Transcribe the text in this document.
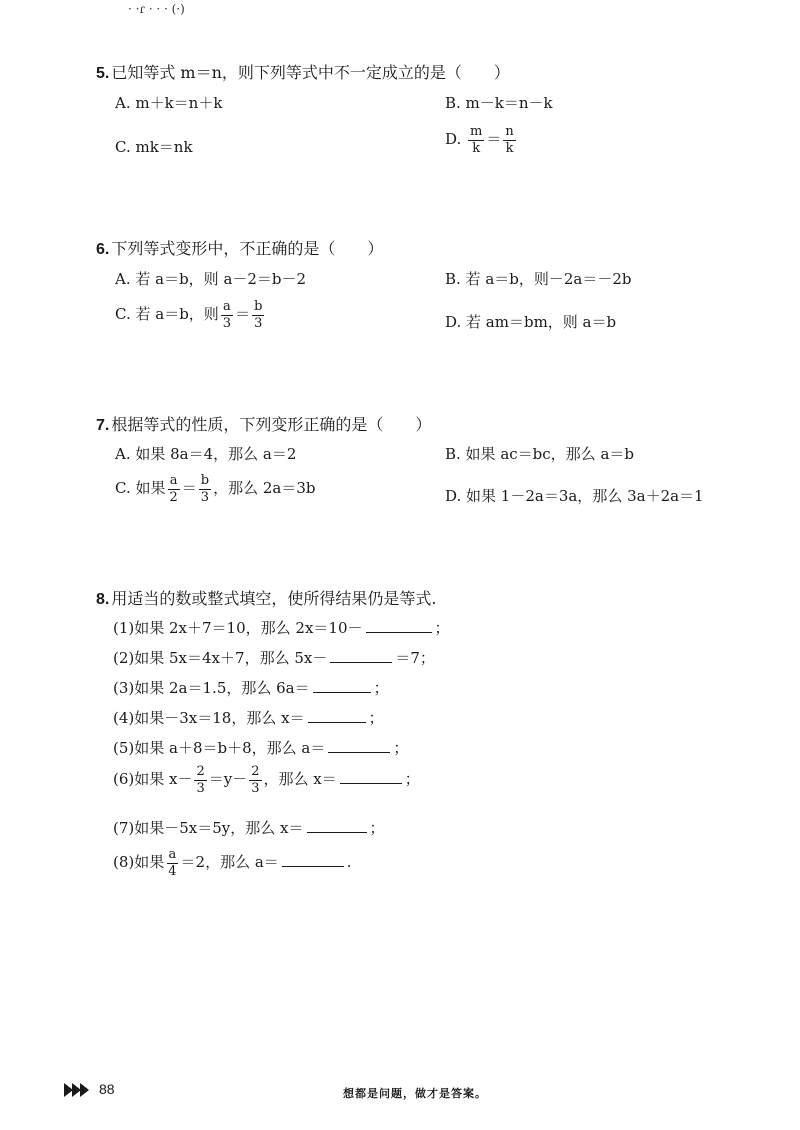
· ·ɾ · · · (·)
5. 已知等式 m＝n，则下列等式中不一定成立的是（　　）
A. m＋k＝n＋k	B. m－k＝n－k
C. mk＝nk	D. $\frac{m}{k} = \frac{n}{k}$
6. 下列等式变形中，不正确的是（　　）
A. 若 a＝b，则 a－2＝b－2	B. 若 a＝b，则－2a＝－2b
C. 若 a＝b，则 $\frac{a}{3} = \frac{b}{3}$	D. 若 am＝bm，则 a＝b
7. 根据等式的性质，下列变形正确的是（　　）
A. 如果 8a＝4，那么 a＝2	B. 如果 ac＝bc，那么 a＝b
C. 如果 $\frac{a}{2} = \frac{b}{3}$ ，那么 2a＝3b	D. 如果 1－2a＝3a，那么 3a＋2a＝1
8. 用适当的数或整式填空，使所得结果仍是等式.
(1)如果 2x＋7＝10，那么 2x＝10－	；
(2)如果 5x＝4x＋7，那么 5x－	＝7；
(3)如果 2a＝1.5，那么 6a＝	；
(4)如果－3x＝18，那么 x＝	；
(5)如果 a＋8＝b＋8，那么 a＝	；
(6)如果 $x- \frac{2}{3} =y- \frac{2}{3}$ ，那么 x＝	；
(7)如果－5x＝5y，那么 x＝	；
(8)如果 $\frac{a}{4} =2$，那么 a＝	.
88	想都是问题，做才是答案。
